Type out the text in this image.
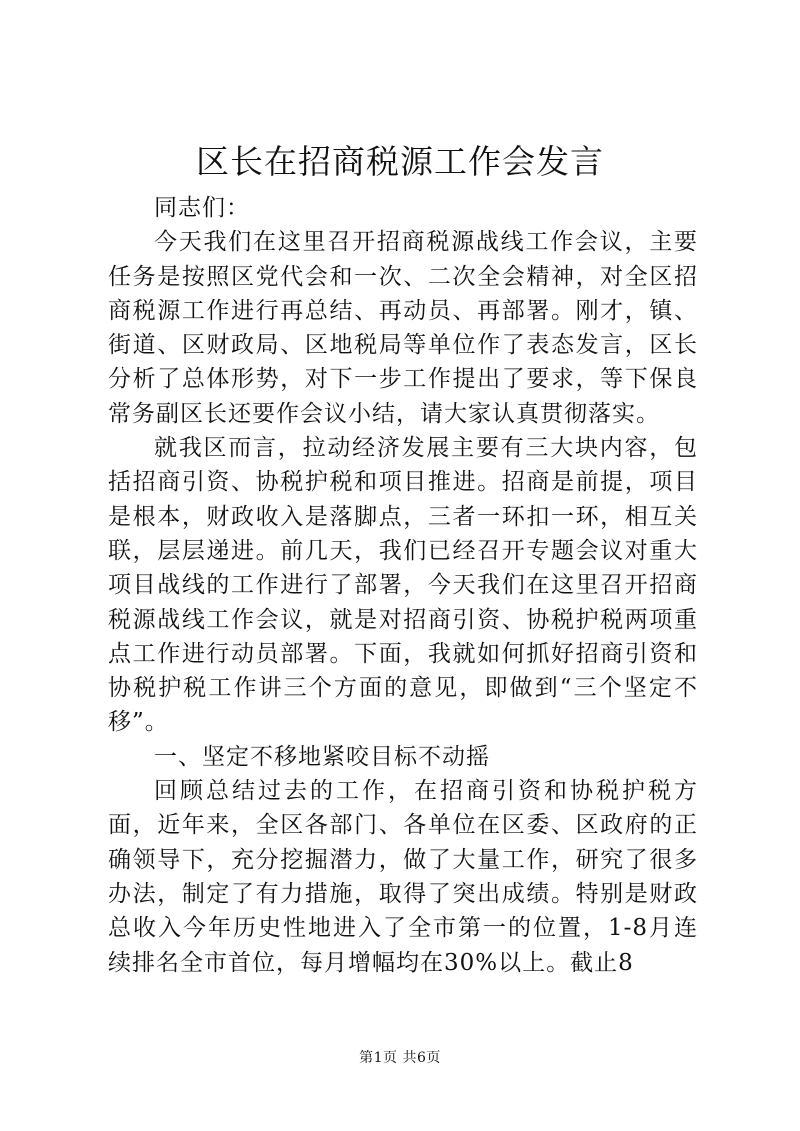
区长在招商税源工作会发言

同志们：

今天我们在这里召开招商税源战线工作会议，主要任务是按照区党代会和一次、二次全会精神，对全区招商税源工作进行再总结、再动员、再部署。刚才，镇、街道、区财政局、区地税局等单位作了表态发言，区长分析了总体形势，对下一步工作提出了要求，等下保良常务副区长还要作会议小结，请大家认真贯彻落实。

就我区而言，拉动经济发展主要有三大块内容，包括招商引资、协税护税和项目推进。招商是前提，项目是根本，财政收入是落脚点，三者一环扣一环，相互关联，层层递进。前几天，我们已经召开专题会议对重大项目战线的工作进行了部署，今天我们在这里召开招商税源战线工作会议，就是对招商引资、协税护税两项重点工作进行动员部署。下面，我就如何抓好招商引资和协税护税工作讲三个方面的意见，即做到“三个坚定不移”。

一、坚定不移地紧咬目标不动摇

回顾总结过去的工作，在招商引资和协税护税方面，近年来，全区各部门、各单位在区委、区政府的正确领导下，充分挖掘潜力，做了大量工作，研究了很多办法，制定了有力措施，取得了突出成绩。特别是财政总收入今年历史性地进入了全市第一的位置，1-8月连续排名全市首位，每月增幅均在30%以上。截止8

第1页 共6页
